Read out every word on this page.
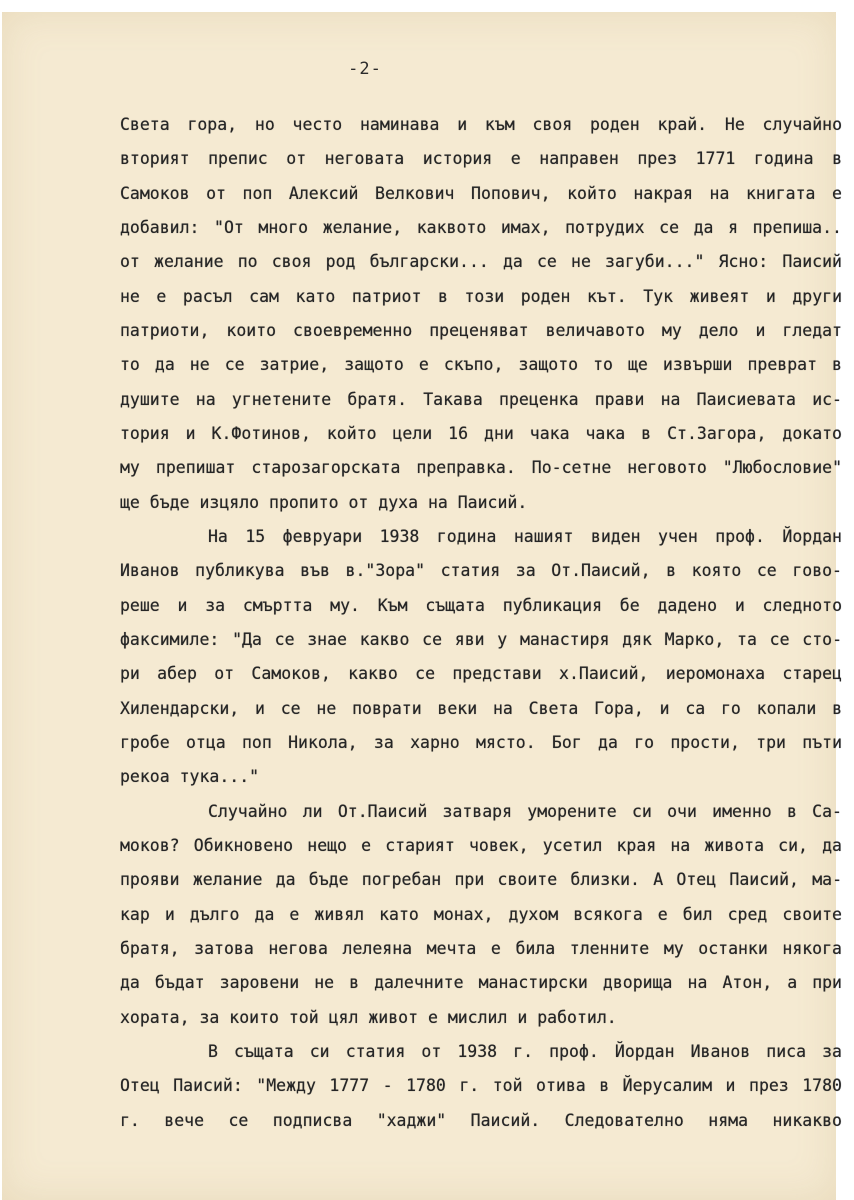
-2-
Света гора, но често наминава и към своя роден край. Не случайно
вторият препис от неговата история е направен през 1771 година в
Самоков от поп Алексий Велкович Попович, който накрая на книгата е
добавил: "От много желание, каквото имах, потрудих се да я препиша..
от желание по своя род български... да се не загуби..." Ясно: Паисий
не е расъл сам като патриот в този роден кът. Тук живеят и други
патриоти, които своевременно преценяват величавото му дело и гледат
то да не се затрие, защото е скъпо, защото то ще извърши преврат в
душите на угнетените братя. Такава преценка прави на Паисиевата ис-
тория и К.Фотинов, който цели 16 дни чака чака в Ст.Загора, докато
му препишат старозагорската преправка. По-сетне неговото "Любословие"
ще бъде изцяло пропито от духа на Паисий.
На 15 февруари 1938 година нашият виден учен проф. Йордан
Иванов публикува във в."Зора" статия за От.Паисий, в която се гово-
реше и за смъртта му. Към същата публикация бе дадено и следното
факсимиле: "Да се знае какво се яви у манастиря дяк Марко, та се сто-
ри абер от Самоков, какво се представи х.Паисий, иеромонаха старец
Хилендарски, и се не поврати веки на Света Гора, и са го копали в
гробе отца поп Никола, за харно място. Бог да го прости, три пъти
рекоа тука..."
Случайно ли От.Паисий затваря уморените си очи именно в Са-
моков? Обикновено нещо е старият човек, усетил края на живота си, да
прояви желание да бъде погребан при своите близки. А Отец Паисий, ма-
кар и дълго да е живял като монах, духом всякога е бил сред своите
братя, затова негова лелеяна мечта е била тленните му останки някога
да бъдат заровени не в далечните манастирски дворища на Атон, а при
хората, за които той цял живот е мислил и работил.
В същата си статия от 1938 г. проф. Йордан Иванов писа за
Отец Паисий: "Между 1777 - 1780 г. той отива в Йерусалим и през 1780
г. вече се подписва "хаджи" Паисий. Следователно няма никакво
